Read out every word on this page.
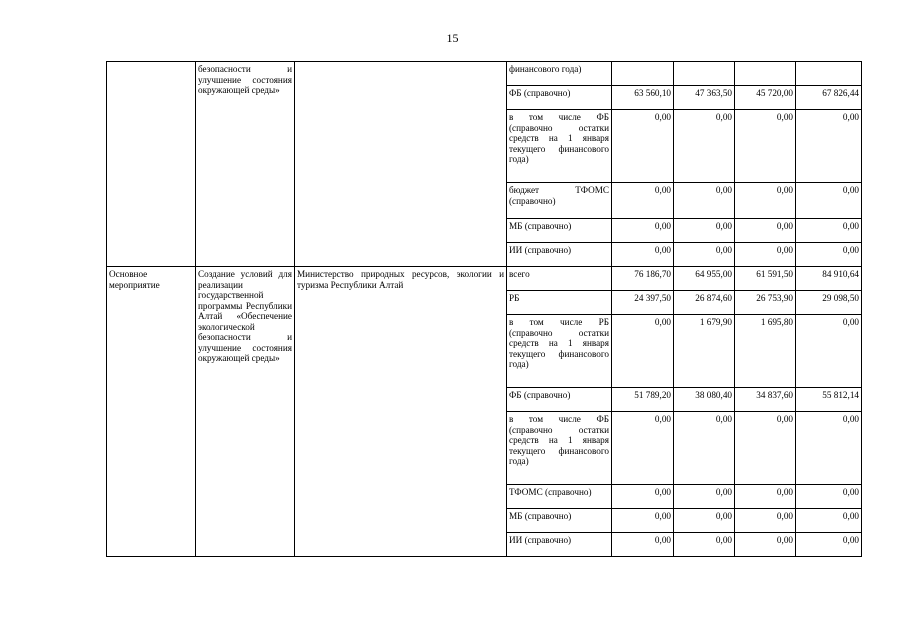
15
	безопасности и улучшение состояния окружающей среды»		финансового года)				
			ФБ (справочно)	63 560,10	47 363,50	45 720,00	67 826,44
			в том числе ФБ (справочно остатки средств на 1 января текущего финансового года)	0,00	0,00	0,00	0,00
			бюджет ТФОМС (справочно)	0,00	0,00	0,00	0,00
			МБ (справочно)	0,00	0,00	0,00	0,00
			ИИ (справочно)	0,00	0,00	0,00	0,00
Основное мероприятие	Создание условий для реализации государственной программы Республики Алтай «Обеспечение экологической безопасности и улучшение состояния окружающей среды»	Министерство природных ресурсов, экологии и туризма Республики Алтай	всего	76 186,70	64 955,00	61 591,50	84 910,64
			РБ	24 397,50	26 874,60	26 753,90	29 098,50
			в том числе РБ (справочно остатки средств на 1 января текущего финансового года)	0,00	1 679,90	1 695,80	0,00
			ФБ (справочно)	51 789,20	38 080,40	34 837,60	55 812,14
			в том числе ФБ (справочно остатки средств на 1 января текущего финансового года)	0,00	0,00	0,00	0,00
			ТФОМС (справочно)	0,00	0,00	0,00	0,00
			МБ (справочно)	0,00	0,00	0,00	0,00
			ИИ (справочно)	0,00	0,00	0,00	0,00
